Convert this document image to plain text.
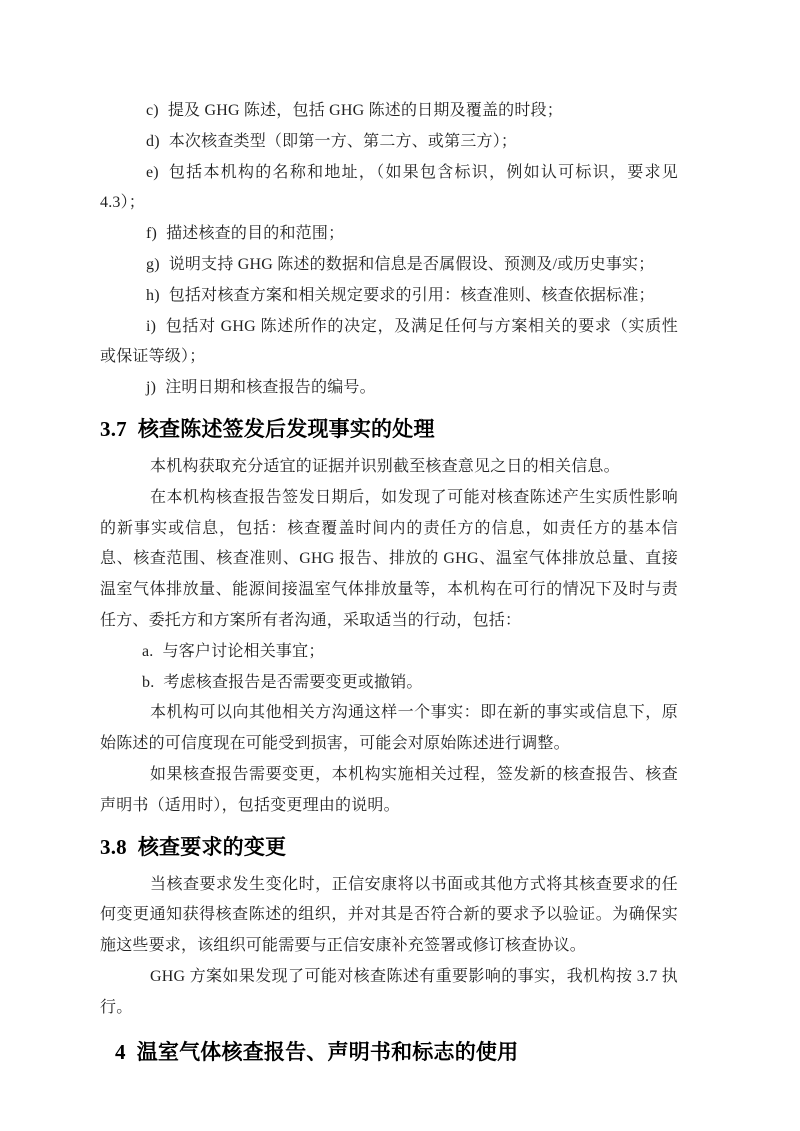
c) 提及 GHG 陈述，包括 GHG 陈述的日期及覆盖的时段；

d) 本次核查类型（即第一方、第二方、或第三方）；

e) 包括本机构的名称和地址，（如果包含标识，例如认可标识，要求见 4.3）；

f) 描述核查的目的和范围；

g) 说明支持 GHG 陈述的数据和信息是否属假设、预测及/或历史事实；

h) 包括对核查方案和相关规定要求的引用：核查准则、核查依据标准；

i) 包括对 GHG 陈述所作的决定，及满足任何与方案相关的要求（实质性或保证等级）；

j) 注明日期和核查报告的编号。

3.7 核查陈述签发后发现事实的处理

本机构获取充分适宜的证据并识别截至核查意见之日的相关信息。

在本机构核查报告签发日期后，如发现了可能对核查陈述产生实质性影响的新事实或信息，包括：核查覆盖时间内的责任方的信息，如责任方的基本信息、核查范围、核查准则、GHG 报告、排放的 GHG、温室气体排放总量、直接温室气体排放量、能源间接温室气体排放量等，本机构在可行的情况下及时与责任方、委托方和方案所有者沟通，采取适当的行动，包括：

a. 与客户讨论相关事宜；

b. 考虑核查报告是否需要变更或撤销。

本机构可以向其他相关方沟通这样一个事实：即在新的事实或信息下，原始陈述的可信度现在可能受到损害，可能会对原始陈述进行调整。

如果核查报告需要变更，本机构实施相关过程，签发新的核查报告、核查声明书（适用时），包括变更理由的说明。

3.8 核查要求的变更

当核查要求发生变化时，正信安康将以书面或其他方式将其核查要求的任何变更通知获得核查陈述的组织，并对其是否符合新的要求予以验证。为确保实施这些要求，该组织可能需要与正信安康补充签署或修订核查协议。

GHG 方案如果发现了可能对核查陈述有重要影响的事实，我机构按 3.7 执行。

4 温室气体核查报告、声明书和标志的使用
